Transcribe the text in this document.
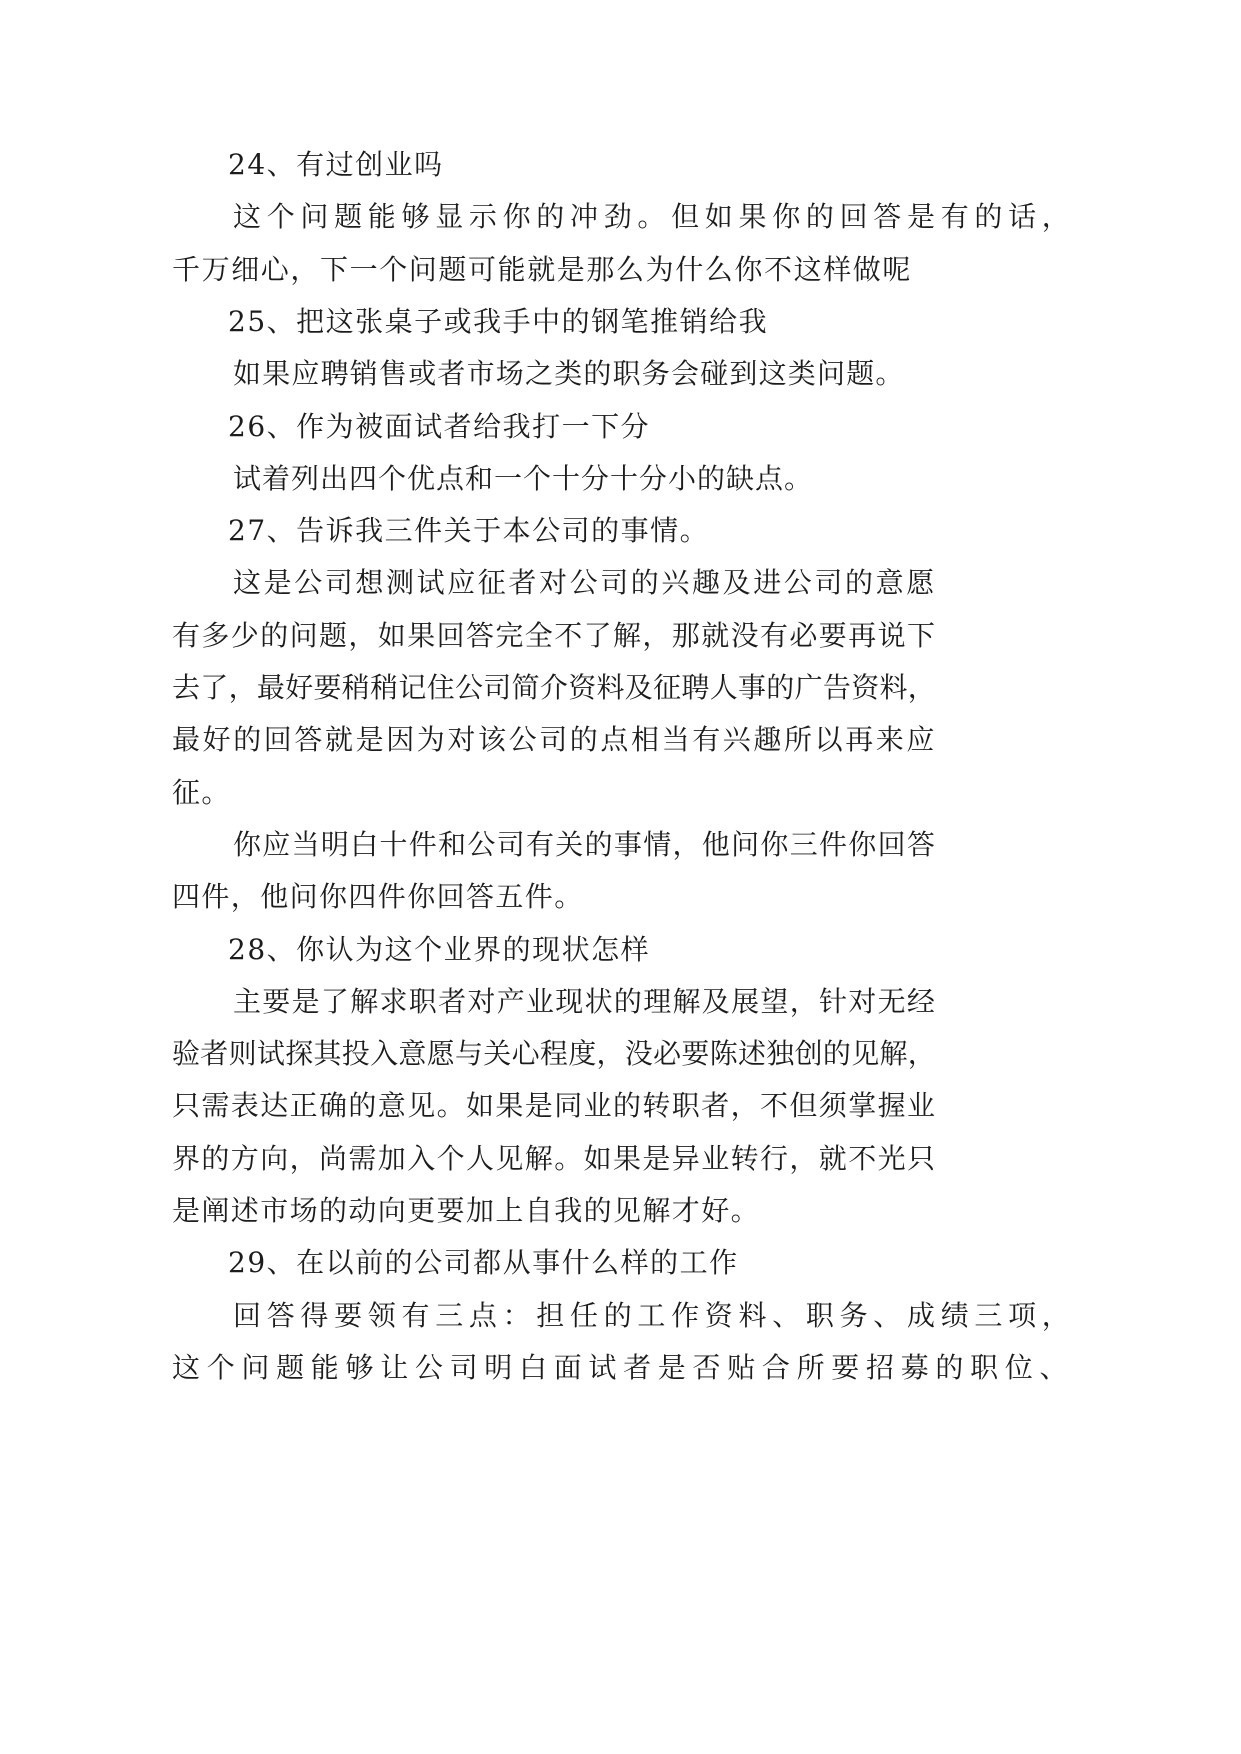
24、有过创业吗
这个问题能够显示你的冲劲。但如果你的回答是有的话，
千万细心，下一个问题可能就是那么为什么你不这样做呢
25、把这张桌子或我手中的钢笔推销给我
如果应聘销售或者市场之类的职务会碰到这类问题。
26、作为被面试者给我打一下分
试着列出四个优点和一个十分十分小的缺点。
27、告诉我三件关于本公司的事情。
这是公司想测试应征者对公司的兴趣及进公司的意愿
有多少的问题，如果回答完全不了解，那就没有必要再说下
去了，最好要稍稍记住公司简介资料及征聘人事的广告资料，
最好的回答就是因为对该公司的点相当有兴趣所以再来应
征。
你应当明白十件和公司有关的事情，他问你三件你回答
四件，他问你四件你回答五件。
28、你认为这个业界的现状怎样
主要是了解求职者对产业现状的理解及展望，针对无经
验者则试探其投入意愿与关心程度，没必要陈述独创的见解，
只需表达正确的意见。如果是同业的转职者，不但须掌握业
界的方向，尚需加入个人见解。如果是异业转行，就不光只
是阐述市场的动向更要加上自我的见解才好。
29、在以前的公司都从事什么样的工作
回答得要领有三点：担任的工作资料、职务、成绩三项，
这个问题能够让公司明白面试者是否贴合所要招募的职位、
